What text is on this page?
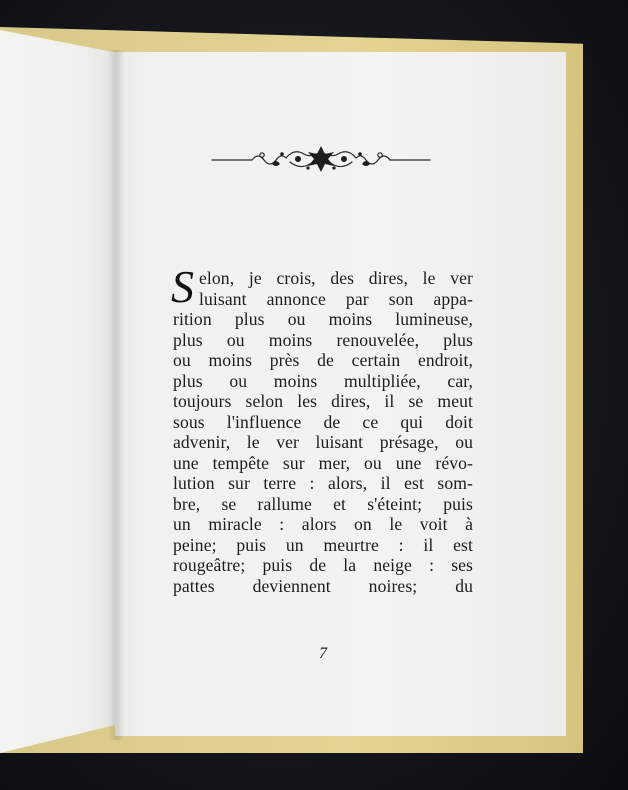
S elon, je crois, des dires, le ver
luisant annonce par son appa-
rition plus ou moins lumineuse,
plus ou moins renouvelée, plus
ou moins près de certain endroit,
plus ou moins multipliée, car,
toujours selon les dires, il se meut
sous l'influence de ce qui doit
advenir, le ver luisant présage, ou
une tempête sur mer, ou une révo-
lution sur terre : alors, il est som-
bre, se rallume et s'éteint; puis
un miracle : alors on le voit à
peine; puis un meurtre : il est
rougeâtre; puis de la neige : ses
pattes deviennent noires; du
7
